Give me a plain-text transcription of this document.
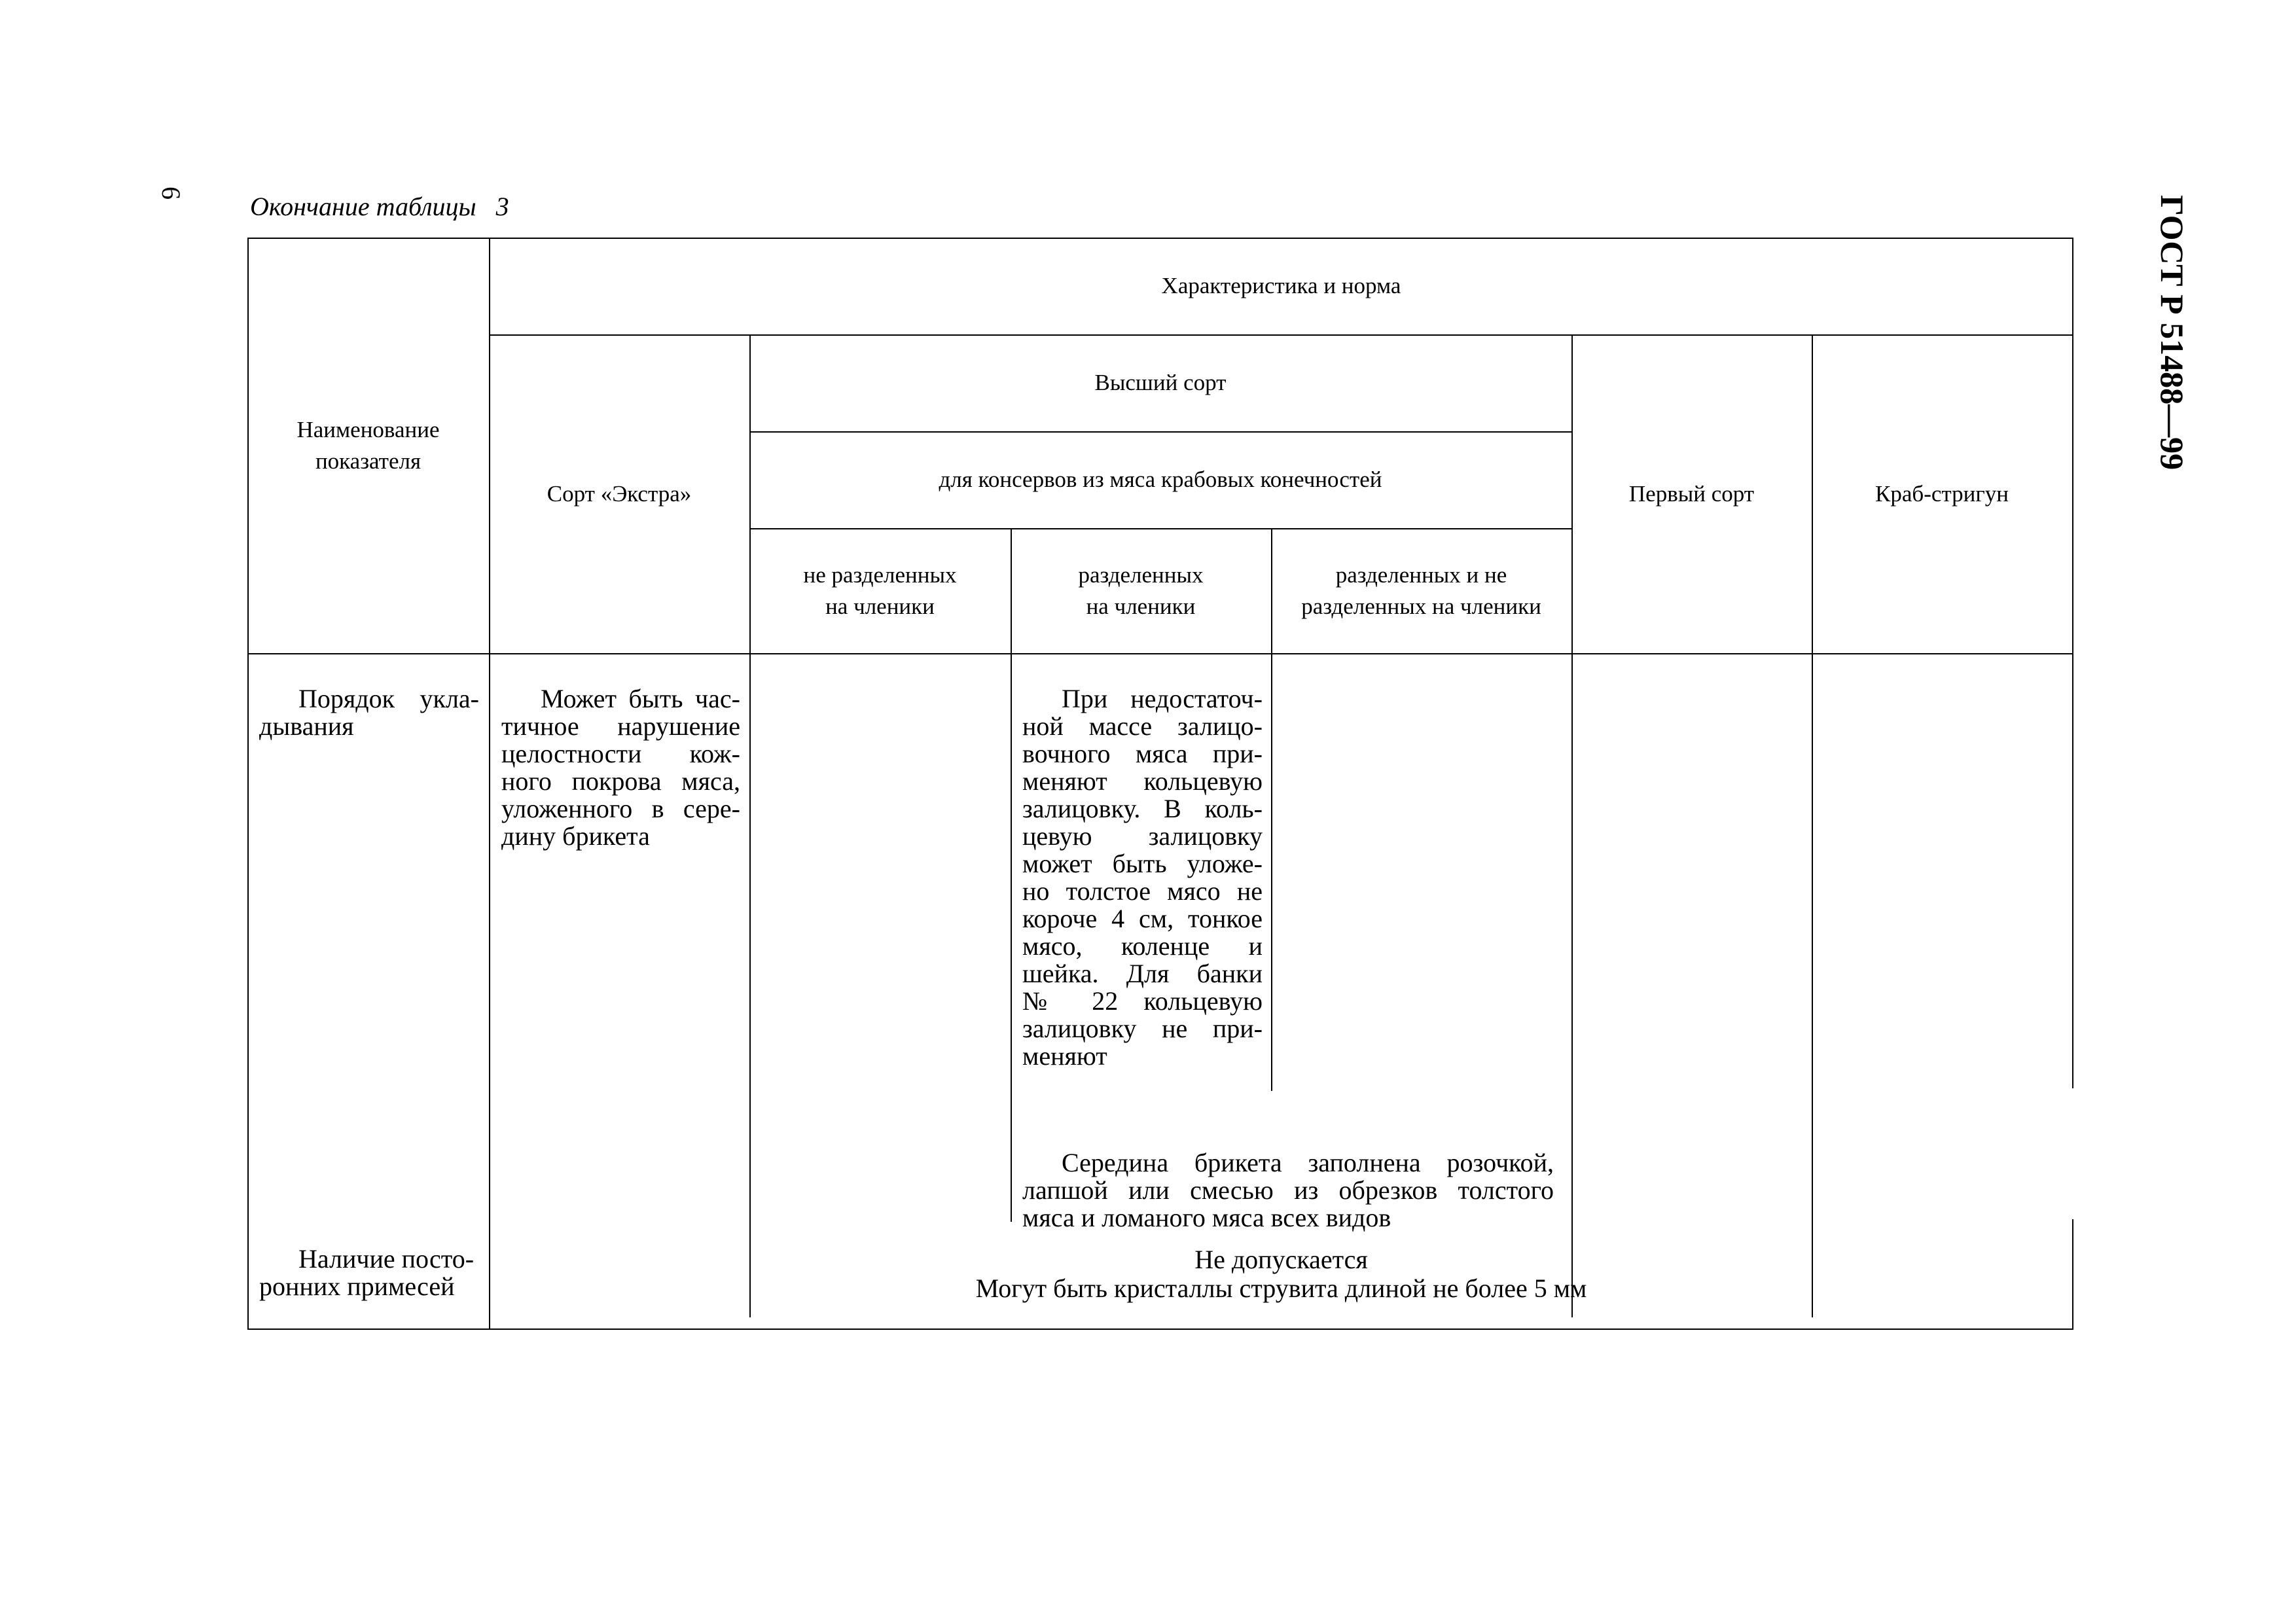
6 Окончание таблицы   3	ГОСТ Р 51488—99
Наименование
показателя
Характеристика и норма
Сорт «Экстра»
Высший сорт
для консервов из мяса крабовых конечностей
не разделенных
на членики
разделенных
на членики
разделенных и не
разделенных на членики
Первый сорт	Краб-стригун
Порядок укла-
дывания
Может быть час-
тичное нарушение
целостности кож-
ного покрова мяса,
уложенного в сере-
дину брикета
При недостаточ-
ной массе залицо-
вочного мяса при-
меняют кольцевую
залицовку. В коль-
цевую залицовку
может быть уложе-
но толстое мясо не
короче 4 см, тонкое
мясо, коленце и
шейка. Для банки
№ 22 кольцевую
залицовку не при-
меняют
Середина брикета заполнена розочкой,
лапшой или смесью из обрезков толстого
мяса и ломаного мяса всех видов
Наличие посто-
ронних примесей
Не допускается
Могут быть кристаллы струвита длиной не более 5 мм
